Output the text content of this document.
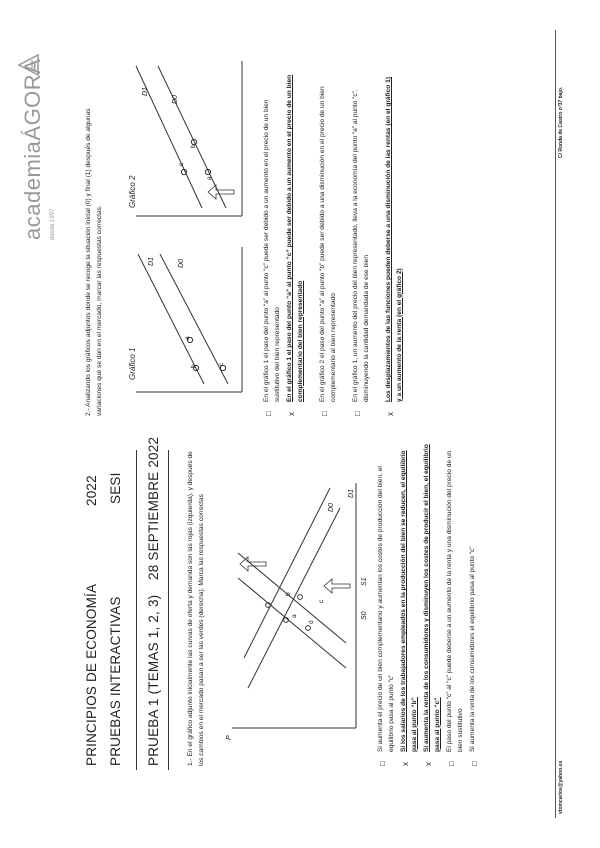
PRINCIPIOS DE ECONOMÍA PRUEBAS INTERACTIVAS
2022 SESI
PRUEBA 1 (TEMAS 1, 2, 3)
28 SEPTIEMBRE 2022	1.- En el gráfico adjunto inicialmente las curvas de oferta y demanda son las rojas (izquierda), y después de los cambios en el mercado pasan a ser las verdes (derecha). Marca las respuestas correctas	P
S0
S1
D0
D1
a
b
c
d
□
Si aumenta el precio de un bien complementario y aumentan los costes de producción del bien, el equilibrio pasa al punto “c”
x
Si los salarios de los trabajadores empleados en la producción del bien se reducen, el equilibrio pasa al punto “b”
x
Si aumenta la renta de los consumidores y disminuyen los costes de producir el bien, el equilibrio pasa al punto “c”
□
El paso del punto “c” al “c” puede deberse a un aumento de la renta y una disminución del precio de un bien sustitutivo
□
Si aumenta la renta de los consumidores el equilibrio pasa al punto “c”
2.- Analizando los gráficos adjuntos donde se recoge la situación inicial (0) y final (1) después de algunas variaciones que se dan en el mercado, marcar las respuestas correctas.
academiaÁGORA
desde 1997
Gráfico 1	c
a
b
D0
D1
Gráfico 2	a
c
b
D0
D1
□
En el gráfico 1 el paso del punto “a” al punto “c” puede ser debido a un aumento en el precio de un bien sustitutivo del bien representado
x
En el gráfico 1 el paso del punto “a” al punto “c” puede ser debido a un aumento en el precio de un bien complementario del bien representado
□
En el gráfico 2 el paso del punto “a” al punto “b” puede ser debido a una disminución en el precio de un bien complementario al bien representado
□
En el gráfico 1, un aumento del precio del bien representado, lleva a la economía del punto “a” al punto “c”, disminuyendo la cantidad demandada de ese bien
x
Los desplazamientos de las funciones pueden deberse a una disminución de las rentas (en el gráfico 1) y a un aumento de la renta (en el gráfico 2)
vtomcarlos@yahoo.es
C/ Ronda de Castro nº37 bajo.
